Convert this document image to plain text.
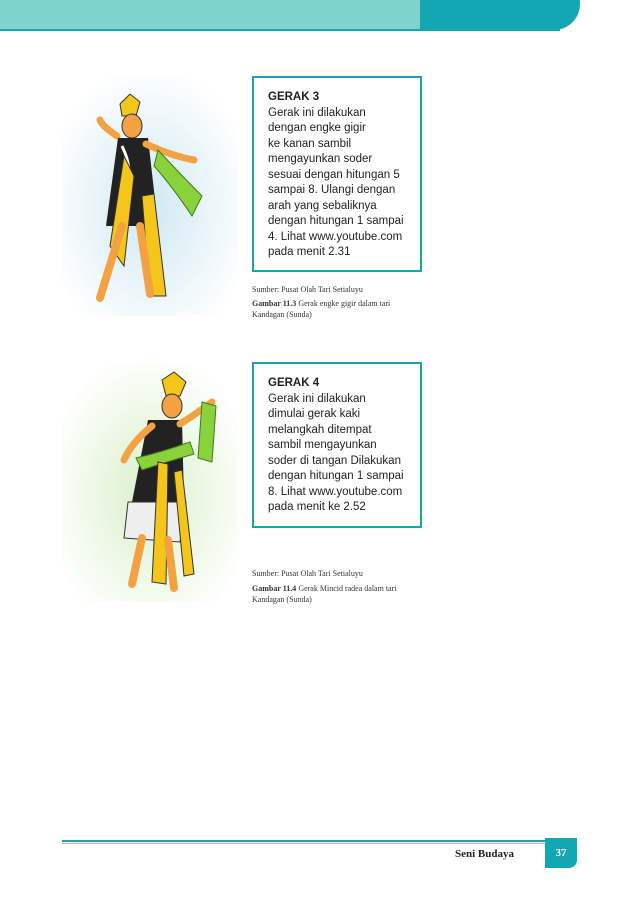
GERAK 3
Gerak ini dilakukan
dengan engke gigir
ke kanan sambil
mengayunkan soder
sesuai dengan hitungan 5
sampai 8. Ulangi dengan
arah yang sebaliknya
dengan hitungan 1 sampai
4. Lihat www.youtube.com
pada menit 2.31
Sumber: Pusat Olah Tari Setialuyu
Gambar 11.3 Gerak engke gigir dalam tari Kandagan (Sunda)
GERAK 4
Gerak ini dilakukan
dimulai gerak kaki
melangkah ditempat
sambil mengayunkan
soder di tangan Dilakukan
dengan hitungan 1 sampai
8. Lihat www.youtube.com
pada menit ke 2.52
Sumber: Pusat Olah Tari Setialuyu
Gambar 11.4 Gerak Mincid radea dalam tari Kandagan (Sunda)
Seni Budaya	37
